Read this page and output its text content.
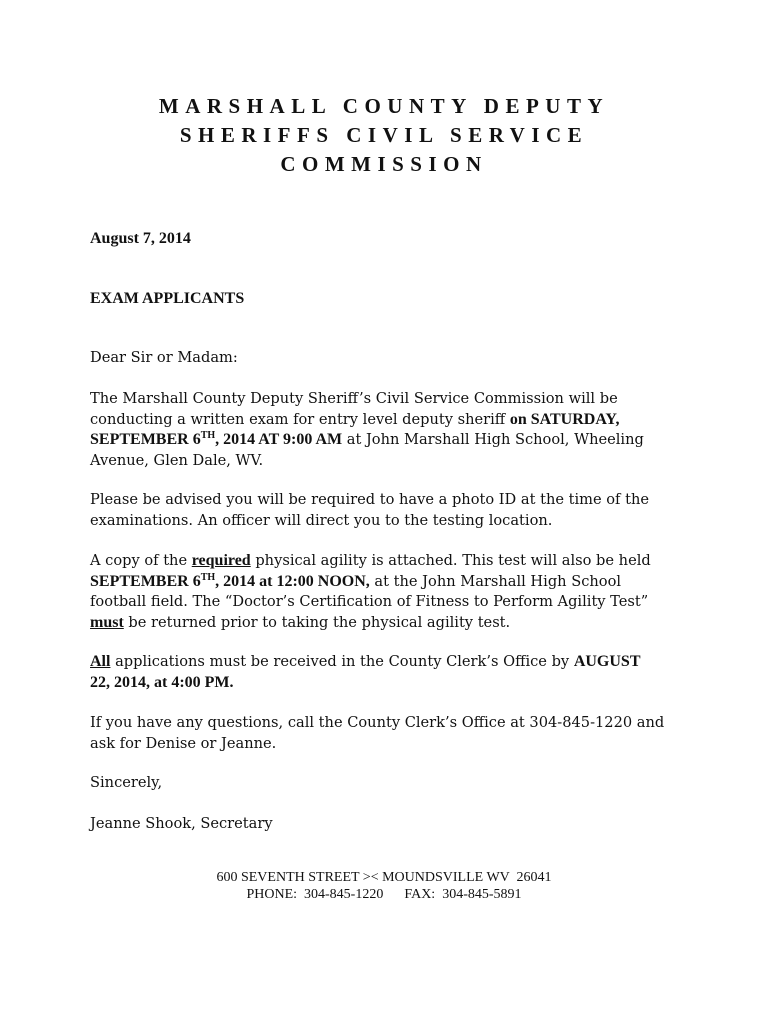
MARSHALL COUNTY DEPUTY
SHERIFFS CIVIL SERVICE
COMMISSION
August 7, 2014
EXAM APPLICANTS
Dear Sir or Madam:
The Marshall County Deputy Sheriff’s Civil Service Commission will be
conducting a written exam for entry level deputy sheriff on SATURDAY,
SEPTEMBER 6TH, 2014 AT 9:00 AM at John Marshall High School, Wheeling
Avenue, Glen Dale, WV.
Please be advised you will be required to have a photo ID at the time of the
examinations. An officer will direct you to the testing location.
A copy of the required physical agility is attached. This test will also be held
SEPTEMBER 6TH, 2014 at 12:00 NOON, at the John Marshall High School
football field. The “Doctor’s Certification of Fitness to Perform Agility Test”
must be returned prior to taking the physical agility test.
All applications must be received in the County Clerk’s Office by AUGUST
22, 2014, at 4:00 PM.
If you have any questions, call the County Clerk’s Office at 304-845-1220 and
ask for Denise or Jeanne.
Sincerely,
Jeanne Shook, Secretary
600 SEVENTH STREET >< MOUNDSVILLE WV  26041
PHONE:  304-845-1220      FAX:  304-845-5891
